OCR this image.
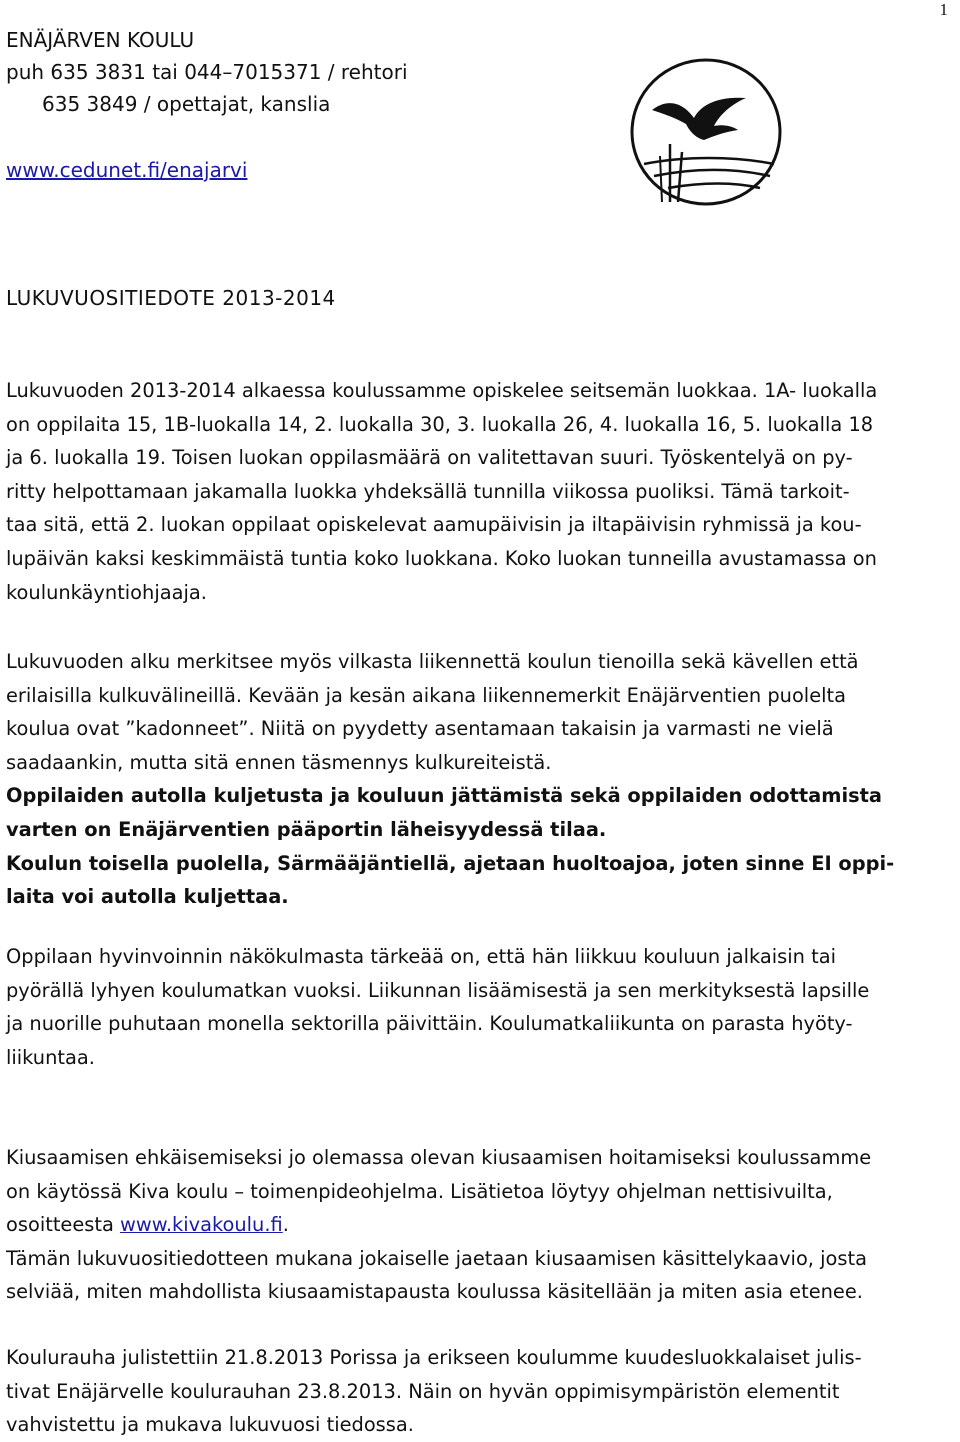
1
ENÄJÄRVEN KOULU
puh 635 3831 tai 044–7015371 / rehtori
635 3849 / opettajat, kanslia
www.cedunet.fi/enajarvi
LUKUVUOSITIEDOTE 2013-2014

Lukuvuoden 2013-2014 alkaessa koulussamme opiskelee seitsemän luokkaa. 1A- luokalla

on oppilaita 15, 1B-luokalla 14, 2. luokalla 30, 3. luokalla 26, 4. luokalla 16, 5. luokalla 18

ja 6. luokalla 19. Toisen luokan oppilasmäärä on valitettavan suuri. Työskentelyä on py-

ritty helpottamaan jakamalla luokka yhdeksällä tunnilla viikossa puoliksi. Tämä tarkoit-

taa sitä, että 2. luokan oppilaat opiskelevat aamupäivisin ja iltapäivisin ryhmissä ja kou-

lupäivän kaksi keskimmäistä tuntia koko luokkana. Koko luokan tunneilla avustamassa on

koulunkäyntiohjaaja.

Lukuvuoden alku merkitsee myös vilkasta liikennettä koulun tienoilla sekä kävellen että

erilaisilla kulkuvälineillä. Kevään ja kesän aikana liikennemerkit Enäjärventien puolelta

koulua ovat ”kadonneet”. Niitä on pyydetty asentamaan takaisin ja varmasti ne vielä

saadaankin, mutta sitä ennen täsmennys kulkureiteistä.

Oppilaiden autolla kuljetusta ja kouluun jättämistä sekä oppilaiden odottamista

varten on Enäjärventien pääportin läheisyydessä tilaa.

Koulun toisella puolella, Särmääjäntiellä, ajetaan huoltoajoa, joten sinne EI oppi-

laita voi autolla kuljettaa.

Oppilaan hyvinvoinnin näkökulmasta tärkeää on, että hän liikkuu kouluun jalkaisin tai

pyörällä lyhyen koulumatkan vuoksi. Liikunnan lisäämisestä ja sen merkityksestä lapsille

ja nuorille puhutaan monella sektorilla päivittäin. Koulumatkaliikunta on parasta hyöty-

liikuntaa.

Kiusaamisen ehkäisemiseksi jo olemassa olevan kiusaamisen hoitamiseksi koulussamme

on käytössä Kiva koulu – toimenpideohjelma. Lisätietoa löytyy ohjelman nettisivuilta,

osoitteesta www.kivakoulu.fi.

Tämän lukuvuositiedotteen mukana jokaiselle jaetaan kiusaamisen käsittelykaavio, josta

selviää, miten mahdollista kiusaamistapausta koulussa käsitellään ja miten asia etenee.

Koulurauha julistettiin 21.8.2013 Porissa ja erikseen koulumme kuudesluokkalaiset julis-

tivat Enäjärvelle koulurauhan 23.8.2013. Näin on hyvän oppimisympäristön elementit

vahvistettu ja mukava lukuvuosi tiedossa.
